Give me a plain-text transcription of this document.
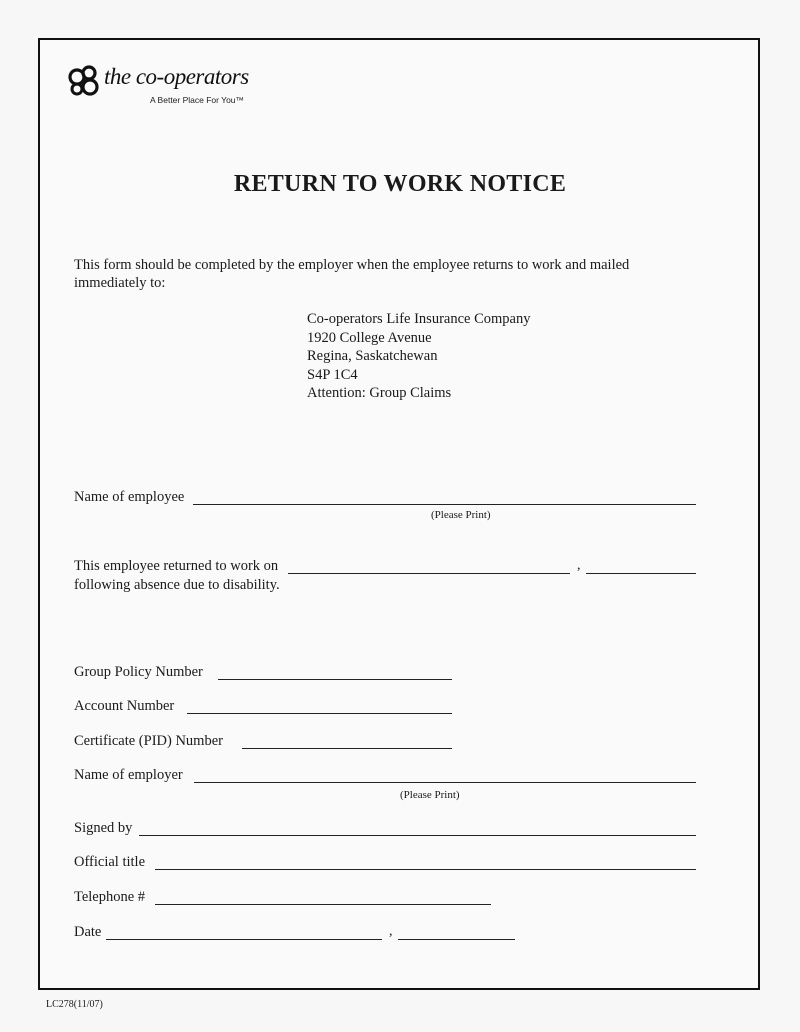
the co-operators
A Better Place For You™
RETURN TO WORK NOTICE
This form should be completed by the employer when the employee returns to work and mailed
immediately to:
Co-operators Life Insurance Company
1920 College Avenue
Regina, Saskatchewan
S4P 1C4
Attention: Group Claims
Name of employee
(Please Print)
This employee returned to work on	,
following absence due to disability.
Group Policy Number
Account Number
Certificate (PID) Number
Name of employer
(Please Print)
Signed by
Official title
Telephone #
Date	,
LC278(11/07)
